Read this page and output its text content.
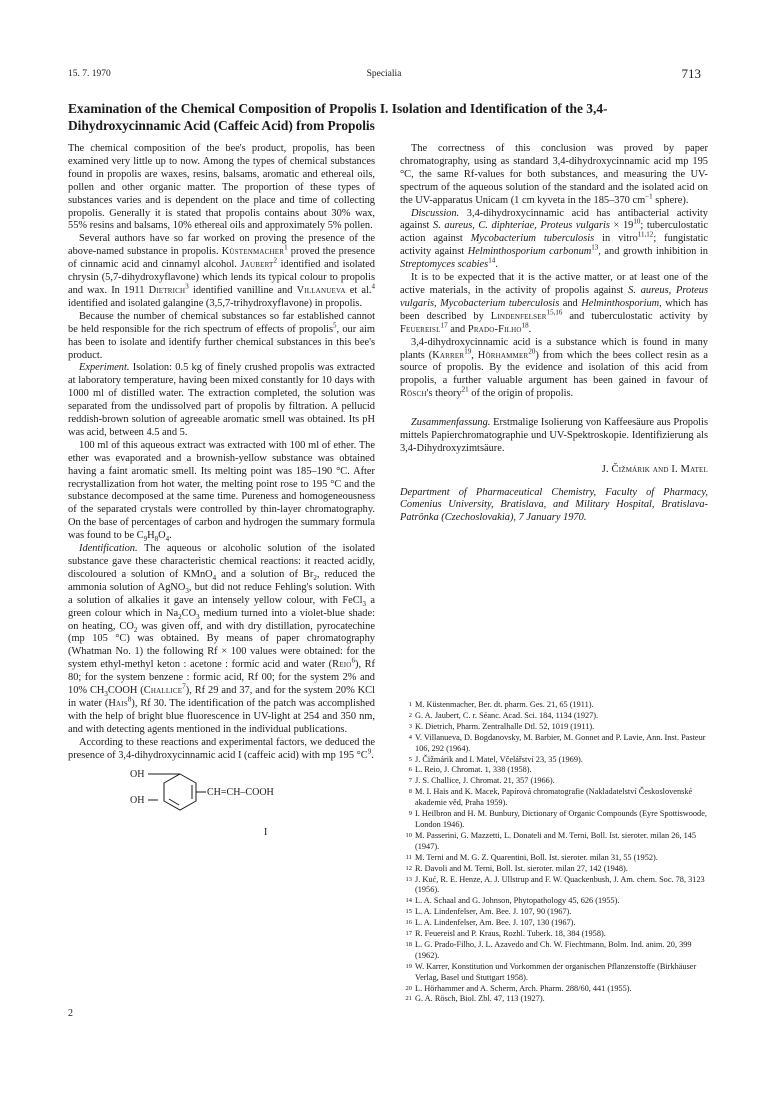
15. 7. 1970	Specialia	713
Examination of the Chemical Composition of Propolis I. Isolation and Identification of the 3,4-Dihydroxycinnamic Acid (Caffeic Acid) from Propolis

The chemical composition of the bee's product, propolis, has been examined very little up to now. Among the types of chemical substances found in propolis are waxes, resins, balsams, aromatic and ethereal oils, pollen and other organic matter. The proportion of these types of substances varies and is dependent on the place and time of collecting propolis. Generally it is stated that propolis contains about 30% wax, 55% resins and balsams, 10% ethereal oils and approximately 5% pollen.

Several authors have so far worked on proving the presence of the above-named substance in propolis. Küstenmacher$^1$ proved the presence of cinnamic acid and cinnamyl alcohol. Jaubert$^2$ identified and isolated chrysin (5,7-dihydroxyflavone) which lends its typical colour to propolis and wax. In 1911 Dietrich$^3$ identified vanilline and Villanueva et al.$^4$ identified and isolated galangine (3,5,7-trihydroxyflavone) in propolis.

Because the number of chemical substances so far established cannot be held responsible for the rich spectrum of effects of propolis$^5$, our aim has been to isolate and identify further chemical substances in this bee's product.

Experiment. Isolation: 0.5 kg of finely crushed propolis was extracted at laboratory temperature, having been mixed constantly for 10 days with 1000 ml of distilled water. The extraction completed, the solution was separated from the undissolved part of propolis by filtration. A pellucid reddish-brown solution of agreeable aromatic smell was obtained. Its pH was acid, between 4.5 and 5.

100 ml of this aqueous extract was extracted with 100 ml of ether. The ether was evaporated and a brownish-yellow substance was obtained having a faint aromatic smell. Its melting point was 185–190 °C. After recrystallization from hot water, the melting point rose to 195 °C and the substance decomposed at the same time. Pureness and homogeneousness of the separated crystals were controlled by thin-layer chromatography. On the base of percentages of carbon and hydrogen the summary formula was found to be $C_9H_8O_4$.

Identification. The aqueous or alcoholic solution of the isolated substance gave these characteristic chemical reactions: it reacted acidly, discoloured a solution of KMnO$_4$ and a solution of $Br_2$, reduced the ammonia solution of AgNO$_3$, but did not reduce Fehling's solution. With a solution of alkalies it gave an intensely yellow colour, with FeCl$_3$ a green colour which in $Na_2CO_3$ medium turned into a violet-blue shade: on heating, $CO_2$ was given off, and with dry distillation, pyrocatechine (mp 105 °C) was obtained. By means of paper chromatography (Whatman No. 1) the following Rf × 100 values were obtained: for the system ethyl-methyl keton : acetone : formic acid and water (Reio$^6$), Rf 80; for the system benzene : formic acid, Rf 00; for the system 2% and 10% $CH_3COOH$ (Challice$^7$), Rf 29 and 37, and for the system 20% KCl in water (Hais$^8$), Rf 30. The identification of the patch was accomplished with the help of bright blue fluorescence in UV-light at 254 and 350 nm, and with detecting agents mentioned in the individual publications.

According to these reactions and experimental factors, we deduced the presence of 3,4-dihydroxycinnamic acid I (caffeic acid) with mp 195 $^\circ C^9$.

OH
OH
CH=CH–COOH
I

The correctness of this conclusion was proved by paper chromatography, using as standard 3,4-dihydroxycinnamic acid mp 195 °C, the same Rf-values for both substances, and measuring the UV-spectrum of the aqueous solution of the standard and the isolated acid on the UV-apparatus Unicam (1 cm kyveta in the 185–370 $cm^{-1}$ sphere).

Discussion. 3,4-dihydroxycinnamic acid has antibacterial activity against S. aureus, C. diphteriae, Proteus vulgaris × $19^{10}$; tuberculostatic action against Mycobacterium tuberculosis in vitro$^{11,12}$; fungistatic activity against Helminthosporium carbonum$^{13}$, and growth inhibition in Streptomyces scabies$^{14}$.

It is to be expected that it is the active matter, or at least one of the active materials, in the activity of propolis against S. aureus, Proteus vulgaris, Mycobacterium tuberculosis and Helminthosporium, which has been described by Lindenfelser$^{15,16}$ and tuberculostatic activity by Feuereisl$^{17}$ and Prado-Filho$^{18}$.

3,4-dihydroxycinnamic acid is a substance which is found in many plants (Karrer$^{19}$, Hörhammer$^{20}$) from which the bees collect resin as a source of propolis. By the evidence and isolation of this acid from propolis, a further valuable argument has been gained in favour of Rösch's theory$^{21}$ of the origin of propolis.

Zusammenfassung. Erstmalige Isolierung von Kaffeesäure aus Propolis mittels Papierchromatographie und UV-Spektroskopie. Identifizierung als 3,4-Dihydroxyzimtsäure.

J. Čižmárik and I. Matel

Department of Pharmaceutical Chemistry, Faculty of Pharmacy, Comenius University, Bratislava, and Military Hospital, Bratislava-Patrônka (Czechoslovakia), 7 January 1970.

1 M. Küstenmacher, Ber. dt. pharm. Ges. 21, 65 (1911).
2 G. A. Jaubert, C. r. Séanc. Acad. Sci. 184, 1134 (1927).
3 K. Dietrich, Pharm. Zentralhalle Dtl. 52, 1019 (1911).
4 V. Villanueva, D. Bogdanovsky, M. Barbier, M. Gonnet and P. Lavie, Ann. Inst. Pasteur 106, 292 (1964).
5 J. Čižmárik and I. Matel, Včelářství 23, 35 (1969).
6 L. Reio, J. Chromat. 1, 338 (1958).
7 J. S. Challice, J. Chromat. 21, 357 (1966).
8 M. I. Hais and K. Macek, Papírová chromatografie (Nakladatelství Československé akademie věd, Praha 1959).
9 I. Heilbron and H. M. Bunbury, Dictionary of Organic Compounds (Eyre Spottiswoode, London 1946).
10 M. Passerini, G. Mazzetti, L. Donateli and M. Terni, Boll. Ist. sieroter. milan 26, 145 (1947).
11 M. Terni and M. G. Z. Quarentini, Boll. Ist. sieroter. milan 31, 55 (1952).
12 R. Davoli and M. Terni, Boll. Ist. sieroter. milan 27, 142 (1948).
13 J. Kuć, R. E. Henze, A. J. Ullstrup and F. W. Quackenbush, J. Am. chem. Soc. 78, 3123 (1956).
14 L. A. Schaal and G. Johnson, Phytopathology 45, 626 (1955).
15 L. A. Lindenfelser, Am. Bee. J. 107, 90 (1967).
16 L. A. Lindenfelser, Am. Bee. J. 107, 130 (1967).
17 R. Feuereisl and P. Kraus, Rozhl. Tuberk. 18, 384 (1958).
18 L. G. Prado-Filho, J. L. Azavedo and Ch. W. Fiechtmann, Bolm. Ind. anim. 20, 399 (1962).
19 W. Karrer, Konstitution und Vorkommen der organischen Pflanzenstoffe (Birkhäuser Verlag, Basel und Stuttgart 1958).
20 L. Hörhammer and A. Scherm, Arch. Pharm. 288/60, 441 (1955).
21 G. A. Rösch, Biol. Zbl. 47, 113 (1927).
2
